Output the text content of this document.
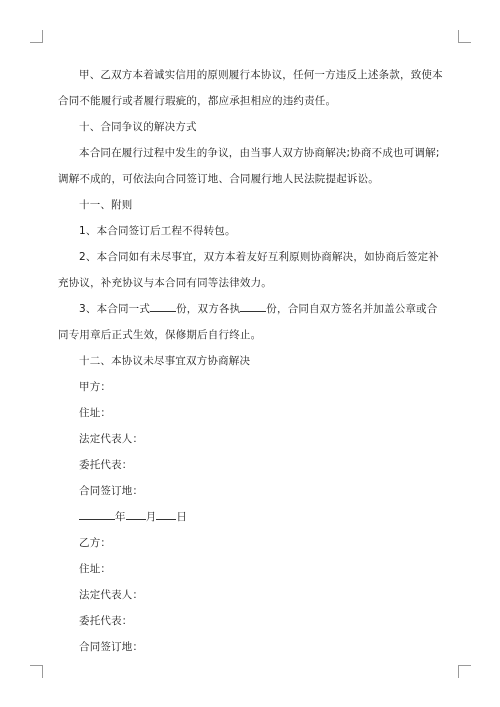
甲、乙双方本着诚实信用的原则履行本协议，任何一方违反上述条款，致使本合同不能履行或者履行瑕疵的，都应承担相应的违约责任。

十、合同争议的解决方式

本合同在履行过程中发生的争议，由当事人双方协商解决;协商不成也可调解;调解不成的，可依法向合同签订地、合同履行地人民法院提起诉讼。

十一、附则

1、本合同签订后工程不得转包。

2、本合同如有未尽事宜，双方本着友好互利原则协商解决，如协商后签定补充协议，补充协议与本合同有同等法律效力。

3、本合同一式 份，双方各执 份，合同自双方签名并加盖公章或合同专用章后正式生效，保修期后自行终止。

十二、本协议未尽事宜双方协商解决

甲方：

住址：

法定代表人：

委托代表：

合同签订地：

年 月 日

乙方：

住址：

法定代表人：

委托代表：

合同签订地：
